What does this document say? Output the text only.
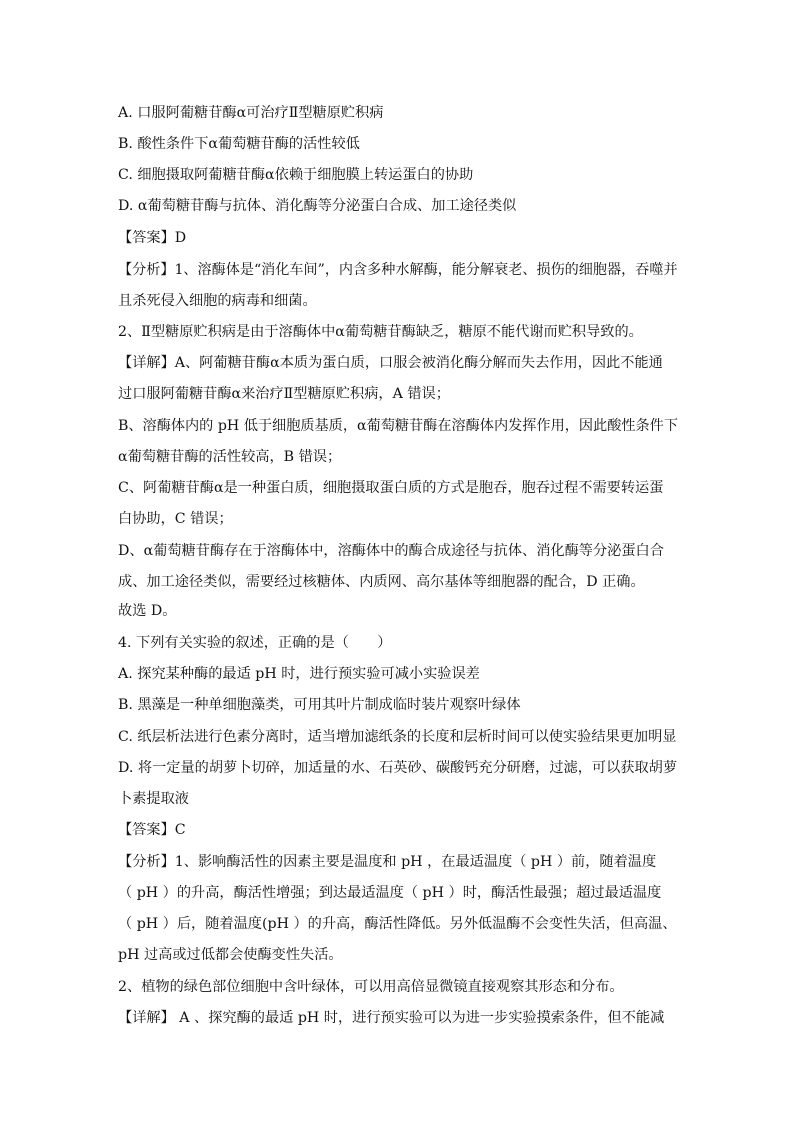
A. 口服阿葡糖苷酶α可治疗Ⅱ型糖原贮积病
B. 酸性条件下α葡萄糖苷酶的活性较低
C. 细胞摄取阿葡糖苷酶α依赖于细胞膜上转运蛋白的协助
D. α葡萄糖苷酶与抗体、消化酶等分泌蛋白合成、加工途径类似
【答案】D
【分析】1、溶酶体是“消化车间”，内含多种水解酶，能分解衰老、损伤的细胞器，吞噬并
且杀死侵入细胞的病毒和细菌。
2、Ⅱ型糖原贮积病是由于溶酶体中α葡萄糖苷酶缺乏，糖原不能代谢而贮积导致的。
【详解】A、阿葡糖苷酶α本质为蛋白质，口服会被消化酶分解而失去作用，因此不能通
过口服阿葡糖苷酶α来治疗Ⅱ型糖原贮积病，A 错误；
B、溶酶体内的 pH 低于细胞质基质，α葡萄糖苷酶在溶酶体内发挥作用，因此酸性条件下
α葡萄糖苷酶的活性较高，B 错误；
C、阿葡糖苷酶α是一种蛋白质，细胞摄取蛋白质的方式是胞吞，胞吞过程不需要转运蛋
白协助，C 错误；
D、α葡萄糖苷酶存在于溶酶体中，溶酶体中的酶合成途径与抗体、消化酶等分泌蛋白合
成、加工途径类似，需要经过核糖体、内质网、高尔基体等细胞器的配合，D 正确。
故选 D。
4. 下列有关实验的叙述，正确的是（　　）
A. 探究某种酶的最适 pH 时，进行预实验可减小实验误差
B. 黑藻是一种单细胞藻类，可用其叶片制成临时装片观察叶绿体
C. 纸层析法进行色素分离时，适当增加滤纸条的长度和层析时间可以使实验结果更加明显
D. 将一定量的胡萝卜切碎，加适量的水、石英砂、碳酸钙充分研磨，过滤，可以获取胡萝
卜素提取液
【答案】C
【分析】1、影响酶活性的因素主要是温度和 pH ，在最适温度（ pH ）前，随着温度
（ pH ）的升高，酶活性增强；到达最适温度（ pH ）时，酶活性最强；超过最适温度
（ pH ）后，随着温度(pH ）的升高，酶活性降低。另外低温酶不会变性失活，但高温、
pH 过高或过低都会使酶变性失活。
2、植物的绿色部位细胞中含叶绿体，可以用高倍显微镜直接观察其形态和分布。
【详解】 A 、探究酶的最适 pH 时，进行预实验可以为进一步实验摸索条件，但不能减
